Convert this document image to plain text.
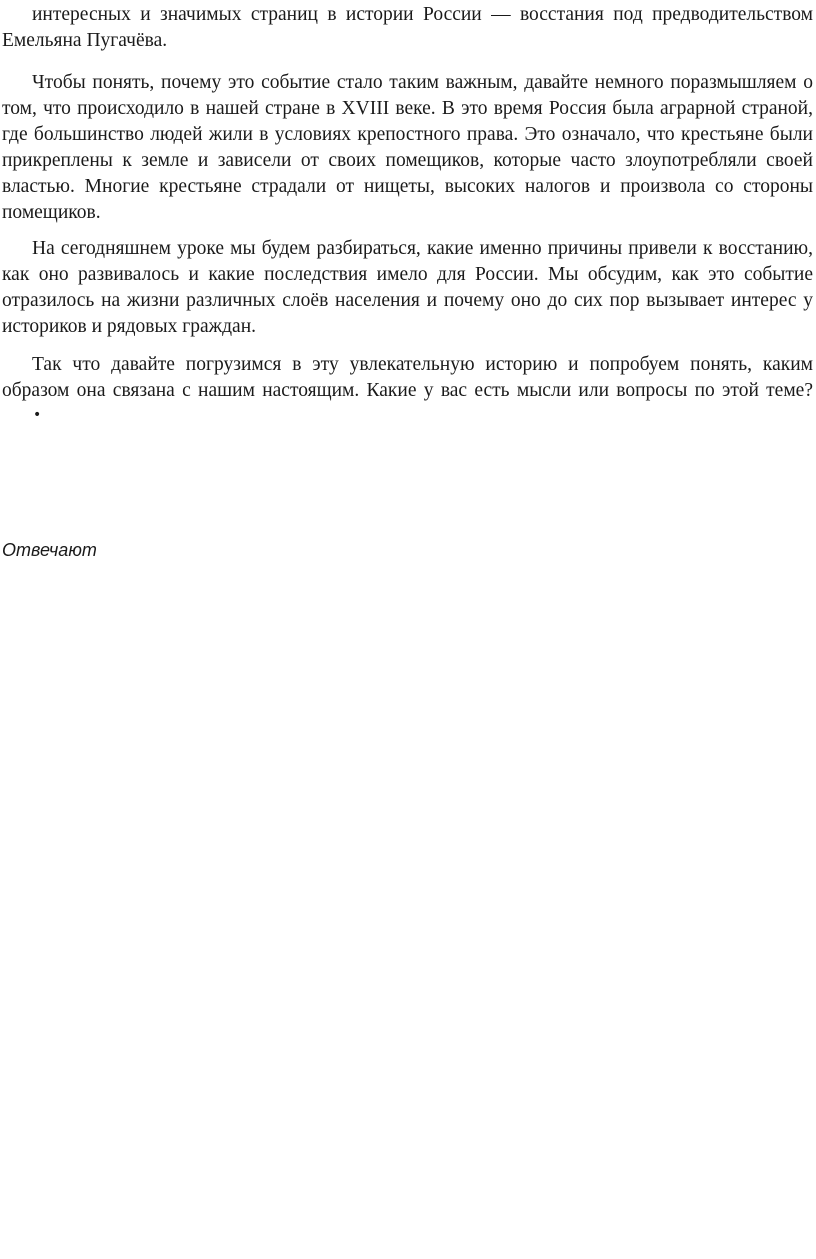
интересных и значимых страниц в истории России — восстания под предводительством Емельяна Пугачёва.

Чтобы понять, почему это событие стало таким важным, давайте немного поразмышляем о том, что происходило в нашей стране в XVIII веке. В это время Россия была аграрной страной, где большинство людей жили в условиях крепостного права. Это означало, что крестьяне были прикреплены к земле и зависели от своих помещиков, которые часто злоупотребляли своей властью. Многие крестьяне страдали от нищеты, высоких налогов и произвола со стороны помещиков.

На сегодняшнем уроке мы будем разбираться, какие именно причины привели к восстанию, как оно развивалось и какие последствия имело для России. Мы обсудим, как это событие отразилось на жизни различных слоёв населения и почему оно до сих пор вызывает интерес у историков и рядовых граждан.

Так что давайте погрузимся в эту увлекательную историю и попробуем понять, каким образом она связана с нашим настоящим. Какие у вас есть мысли или вопросы по этой теме?•

Отвечают
